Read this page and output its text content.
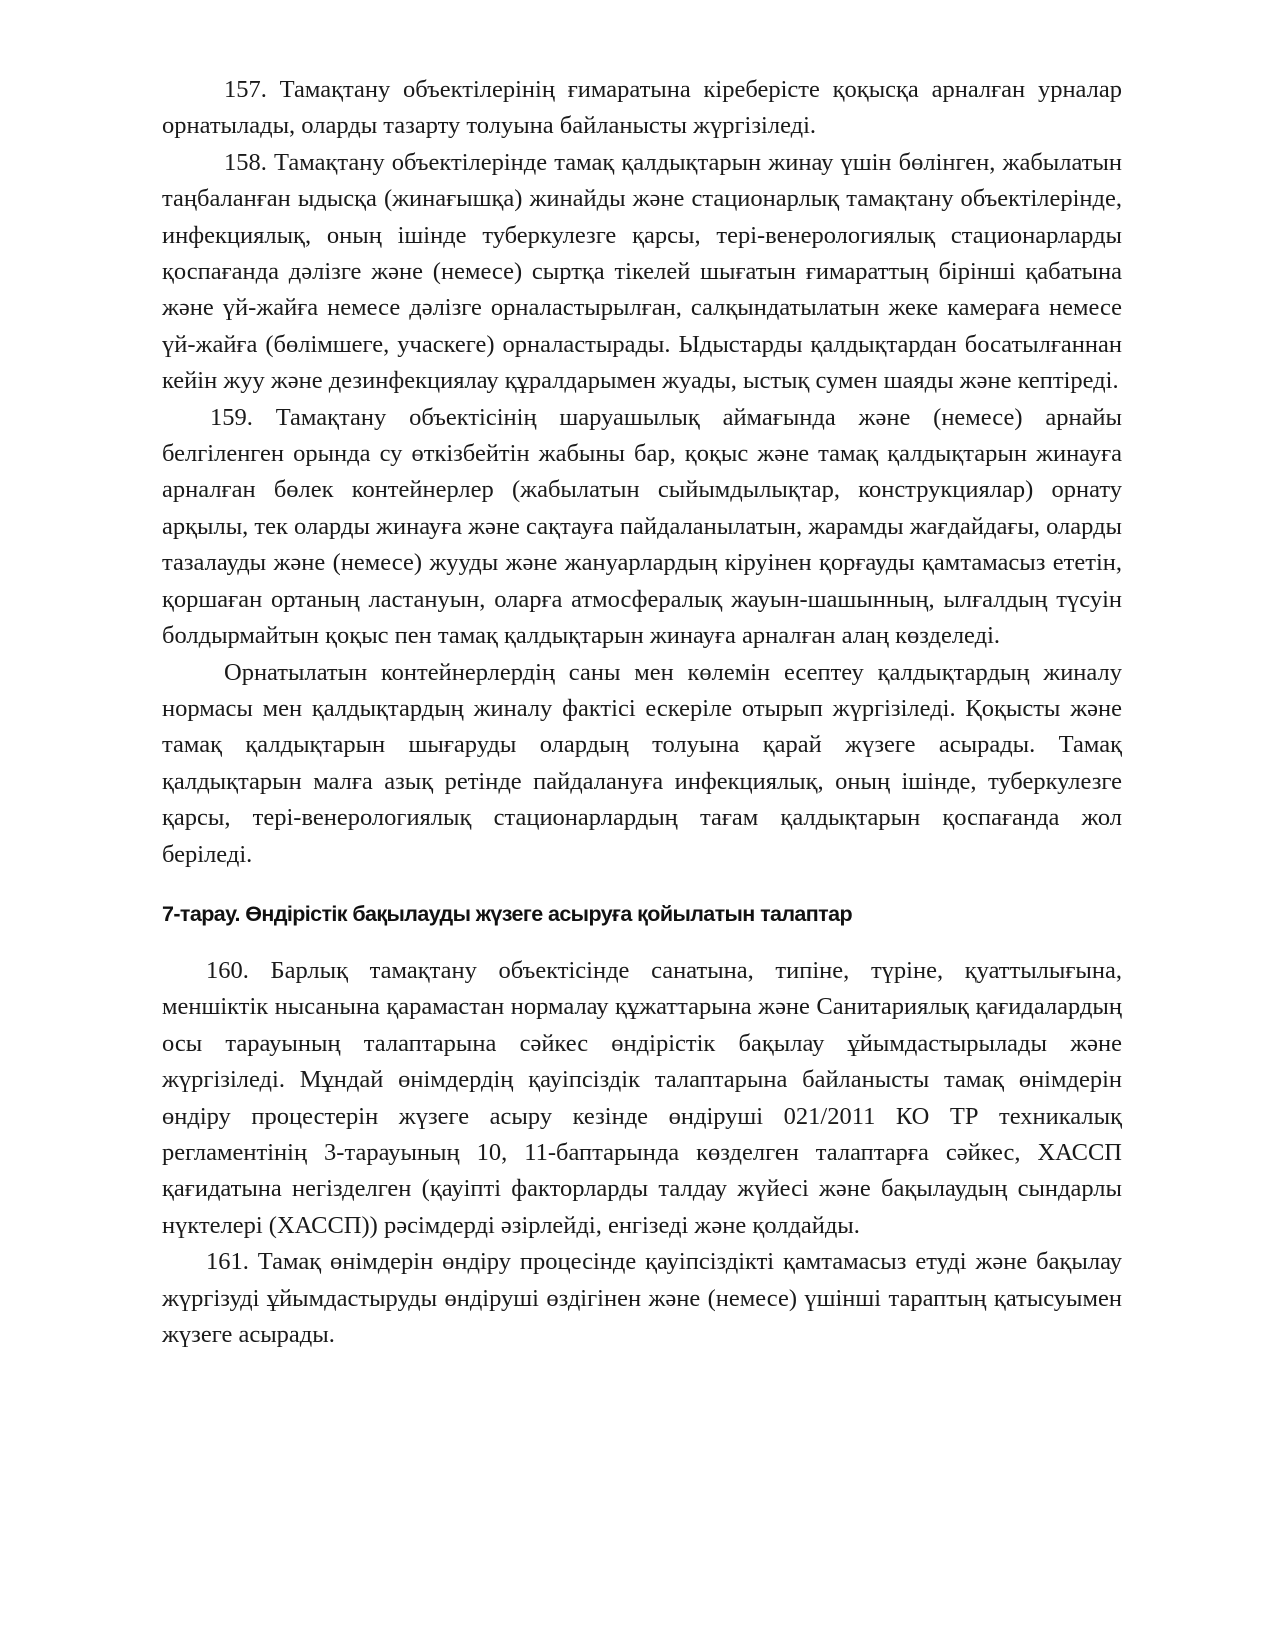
157. Тамақтану объектілерінің ғимаратына кіреберісте қоқысқа арналған урналар орнатылады, оларды тазарту толуына байланысты жүргізіледі.

158. Тамақтану объектілерінде тамақ қалдықтарын жинау үшін бөлінген, жабылатын таңбаланған ыдысқа (жинағышқа) жинайды және стационарлық тамақтану объектілерінде, инфекциялық, оның ішінде туберкулезге қарсы, тері-венерологиялық стационарларды қоспағанда дәлізге және (немесе) сыртқа тікелей шығатын ғимараттың бірінші қабатына және үй-жайға немесе дәлізге орналастырылған, салқындатылатын жеке камераға немесе үй-жайға (бөлімшеге, учаскеге) орналастырады. Ыдыстарды қалдықтардан босатылғаннан кейін жуу және дезинфекциялау құралдарымен жуады, ыстық сумен шаяды және кептіреді.

159. Тамақтану объектісінің шаруашылық аймағында және (немесе) арнайы белгіленген орында су өткізбейтін жабыны бар, қоқыс және тамақ қалдықтарын жинауға арналған бөлек контейнерлер (жабылатын сыйымдылықтар, конструкциялар) орнату арқылы, тек оларды жинауға және сақтауға пайдаланылатын, жарамды жағдайдағы, оларды тазалауды және (немесе) жууды және жануарлардың кіруінен қорғауды қамтамасыз ететін, қоршаған ортаның ластануын, оларға атмосфералық жауын-шашынның, ылғалдың түсуін болдырмайтын қоқыс пен тамақ қалдықтарын жинауға арналған алаң көзделеді.

Орнатылатын контейнерлердің саны мен көлемін есептеу қалдықтардың жиналу нормасы мен қалдықтардың жиналу фактісі ескеріле отырып жүргізіледі. Қоқысты және тамақ қалдықтарын шығаруды олардың толуына қарай жүзеге асырады. Тамақ қалдықтарын малға азық ретінде пайдалануға инфекциялық, оның ішінде, туберкулезге қарсы, тері-венерологиялық стационарлардың тағам қалдықтарын қоспағанда жол беріледі.

7-тарау. Өндірістік бақылауды жүзеге асыруға қойылатын талаптар

160. Барлық тамақтану объектісінде санатына, типіне, түріне, қуаттылығына, меншіктік нысанына қарамастан нормалау құжаттарына және Санитариялық қағидалардың осы тарауының талаптарына сәйкес өндірістік бақылау ұйымдастырылады және жүргізіледі. Мұндай өнімдердің қауіпсіздік талаптарына байланысты тамақ өнімдерін өндіру процестерін жүзеге асыру кезінде өндіруші 021/2011 КО ТР техникалық регламентінің 3-тарауының 10, 11-баптарында көзделген талаптарға сәйкес, ХАССП қағидатына негізделген (қауіпті факторларды талдау жүйесі және бақылаудың сындарлы нүктелері (ХАССП)) рәсімдерді әзірлейді, енгізеді және қолдайды.

161. Тамақ өнімдерін өндіру процесінде қауіпсіздікті қамтамасыз етуді және бақылау жүргізуді ұйымдастыруды өндіруші өздігінен және (немесе) үшінші тараптың қатысуымен жүзеге асырады.
